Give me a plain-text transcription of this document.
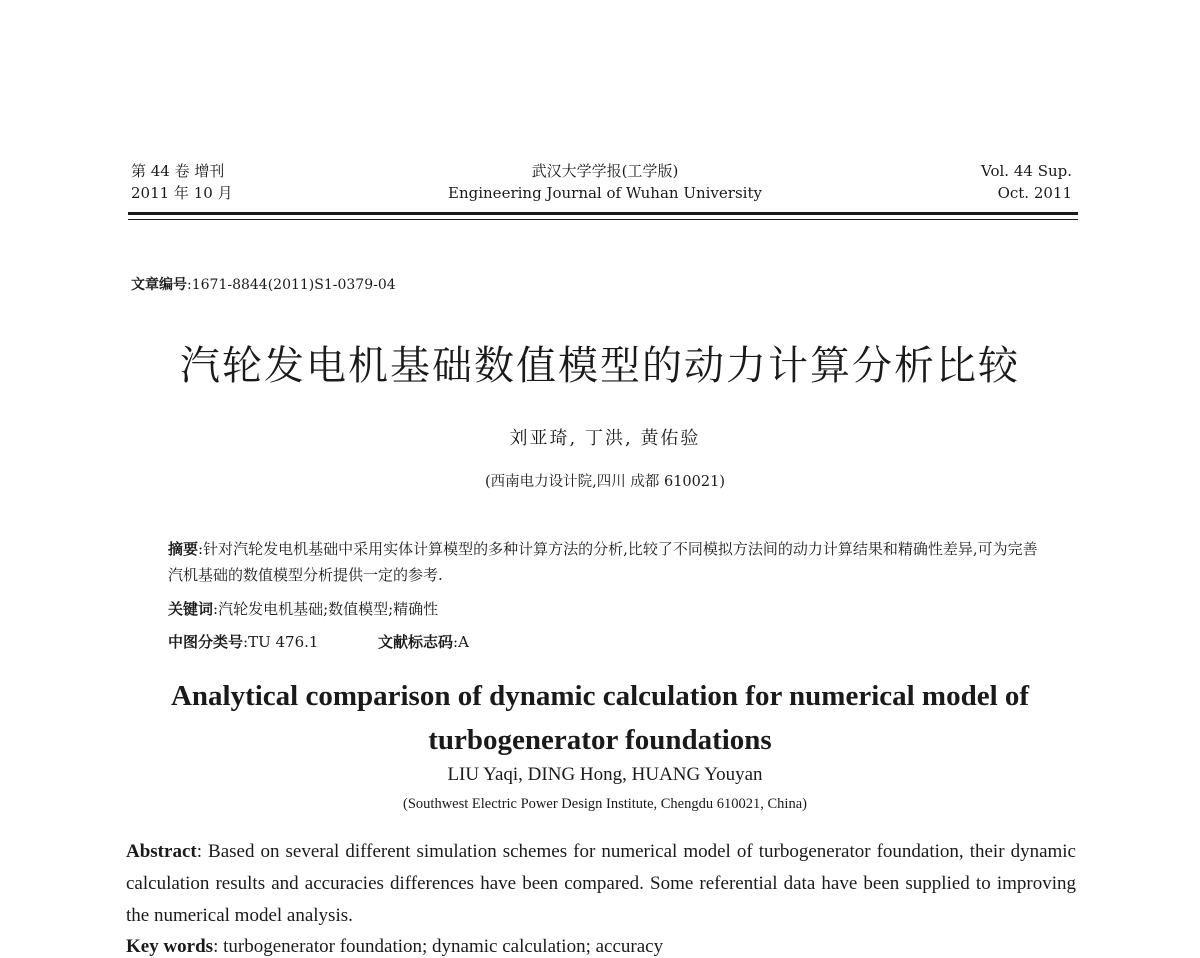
第 44 卷 增刊
2011 年 10 月
武汉大学学报(工学版)
Engineering Journal of Wuhan University
Vol. 44 Sup.
Oct. 2011
文章编号:1671-8844(2011)S1-0379-04
汽轮发电机基础数值模型的动力计算分析比较
刘亚琦, 丁洪, 黄佑验
(西南电力设计院,四川 成都 610021)
摘要:针对汽轮发电机基础中采用实体计算模型的多种计算方法的分析,比较了不同模拟方法间的动力计算结果和精确性差异,可为完善汽机基础的数值模型分析提供一定的参考.
关键词:汽轮发电机基础;数值模型;精确性
中图分类号:TU 476.1	文献标志码:A
Analytical comparison of dynamic calculation for numerical model of turbogenerator foundations
LIU Yaqi, DING Hong, HUANG Youyan
(Southwest Electric Power Design Institute, Chengdu 610021, China)
Abstract: Based on several different simulation schemes for numerical model of turbogenerator foundation, their dynamic calculation results and accuracies differences have been compared. Some referential data have been supplied to improving the numerical model analysis.
Key words: turbogenerator foundation; dynamic calculation; accuracy
